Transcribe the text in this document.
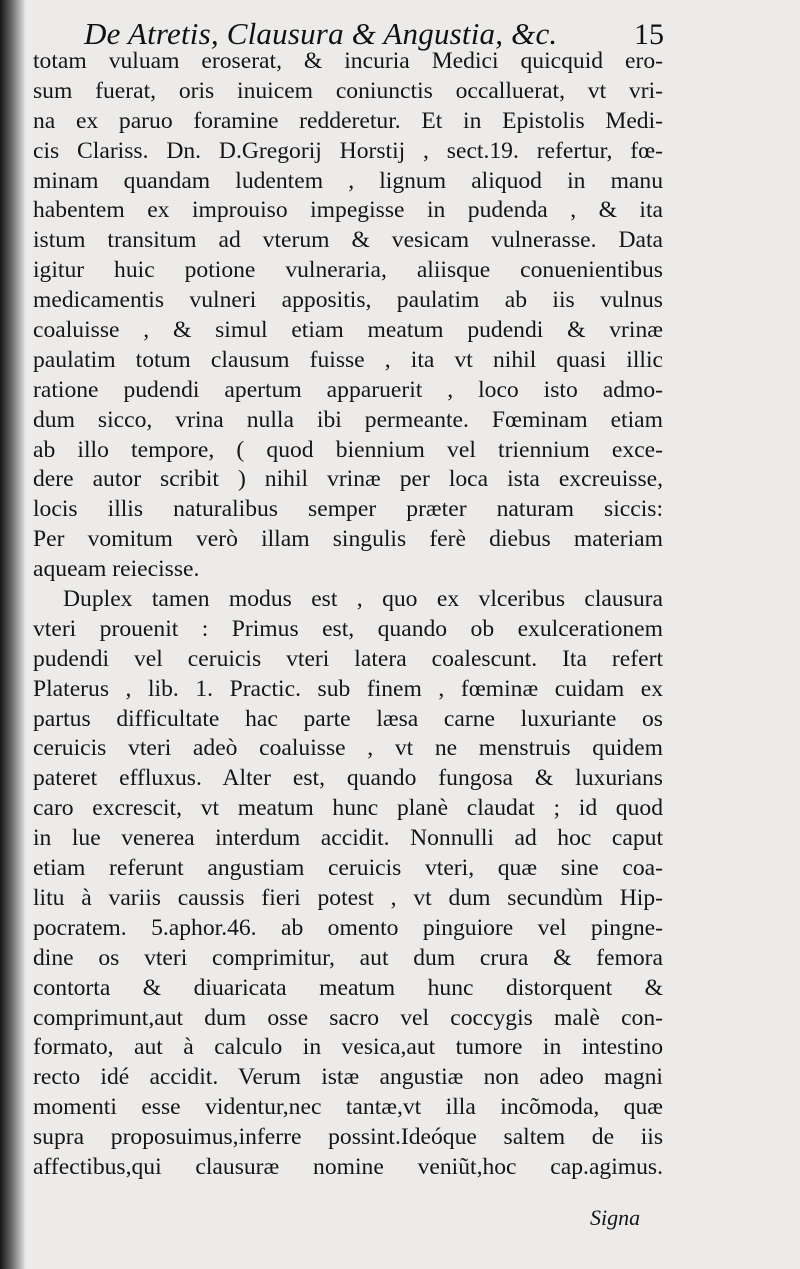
De Atretis, Clausura & Angustia, &c.	15
totam vuluam eroserat, & incuria Medici quicquid ero-
sum fuerat, oris inuicem coniunctis occalluerat, vt vri-
na ex paruo foramine redderetur. Et in Epistolis Medi-
cis Clariss. Dn. D.Gregorij Horstij , sect.19. refertur, fœ-
minam quandam ludentem , lignum aliquod in manu
habentem ex improuiso impegisse in pudenda , & ita
istum transitum ad vterum & vesicam vulnerasse. Data
igitur huic potione vulneraria, aliisque conuenientibus
medicamentis vulneri appositis, paulatim ab iis vulnus
coaluisse , & simul etiam meatum pudendi & vrinæ
paulatim totum clausum fuisse , ita vt nihil quasi illic
ratione pudendi apertum apparuerit , loco isto admo-
dum sicco, vrina nulla ibi permeante. Fœminam etiam
ab illo tempore, ( quod biennium vel triennium exce-
dere autor scribit ) nihil vrinæ per loca ista excreuisse,
locis illis naturalibus semper præter naturam siccis:
Per vomitum verò illam singulis ferè diebus materiam
aqueam reiecisse.
Duplex tamen modus est , quo ex vlceribus clausura
vteri prouenit : Primus est, quando ob exulcerationem
pudendi vel ceruicis vteri latera coalescunt. Ita refert
Platerus , lib. 1. Practic. sub finem , fœminæ cuidam ex
partus difficultate hac parte læsa carne luxuriante os
ceruicis vteri adeò coaluisse , vt ne menstruis quidem
pateret effluxus. Alter est, quando fungosa & luxurians
caro excrescit, vt meatum hunc planè claudat ; id quod
in lue venerea interdum accidit. Nonnulli ad hoc caput
etiam referunt angustiam ceruicis vteri, quæ sine coa-
litu à variis caussis fieri potest , vt dum secundùm Hip-
pocratem. 5.aphor.46. ab omento pinguiore vel pingne-
dine os vteri comprimitur, aut dum crura & femora
contorta & diuaricata meatum hunc distorquent &
comprimunt,aut dum osse sacro vel coccygis malè con-
formato, aut à calculo in vesica,aut tumore in intestino
recto idé accidit. Verum istæ angustiæ non adeo magni
momenti esse videntur,nec tantæ,vt illa incõmoda, quæ
supra proposuimus,inferre possint.Ideóque saltem de iis
affectibus,qui clausuræ nomine veniũt,hoc cap.agimus.
Signa
